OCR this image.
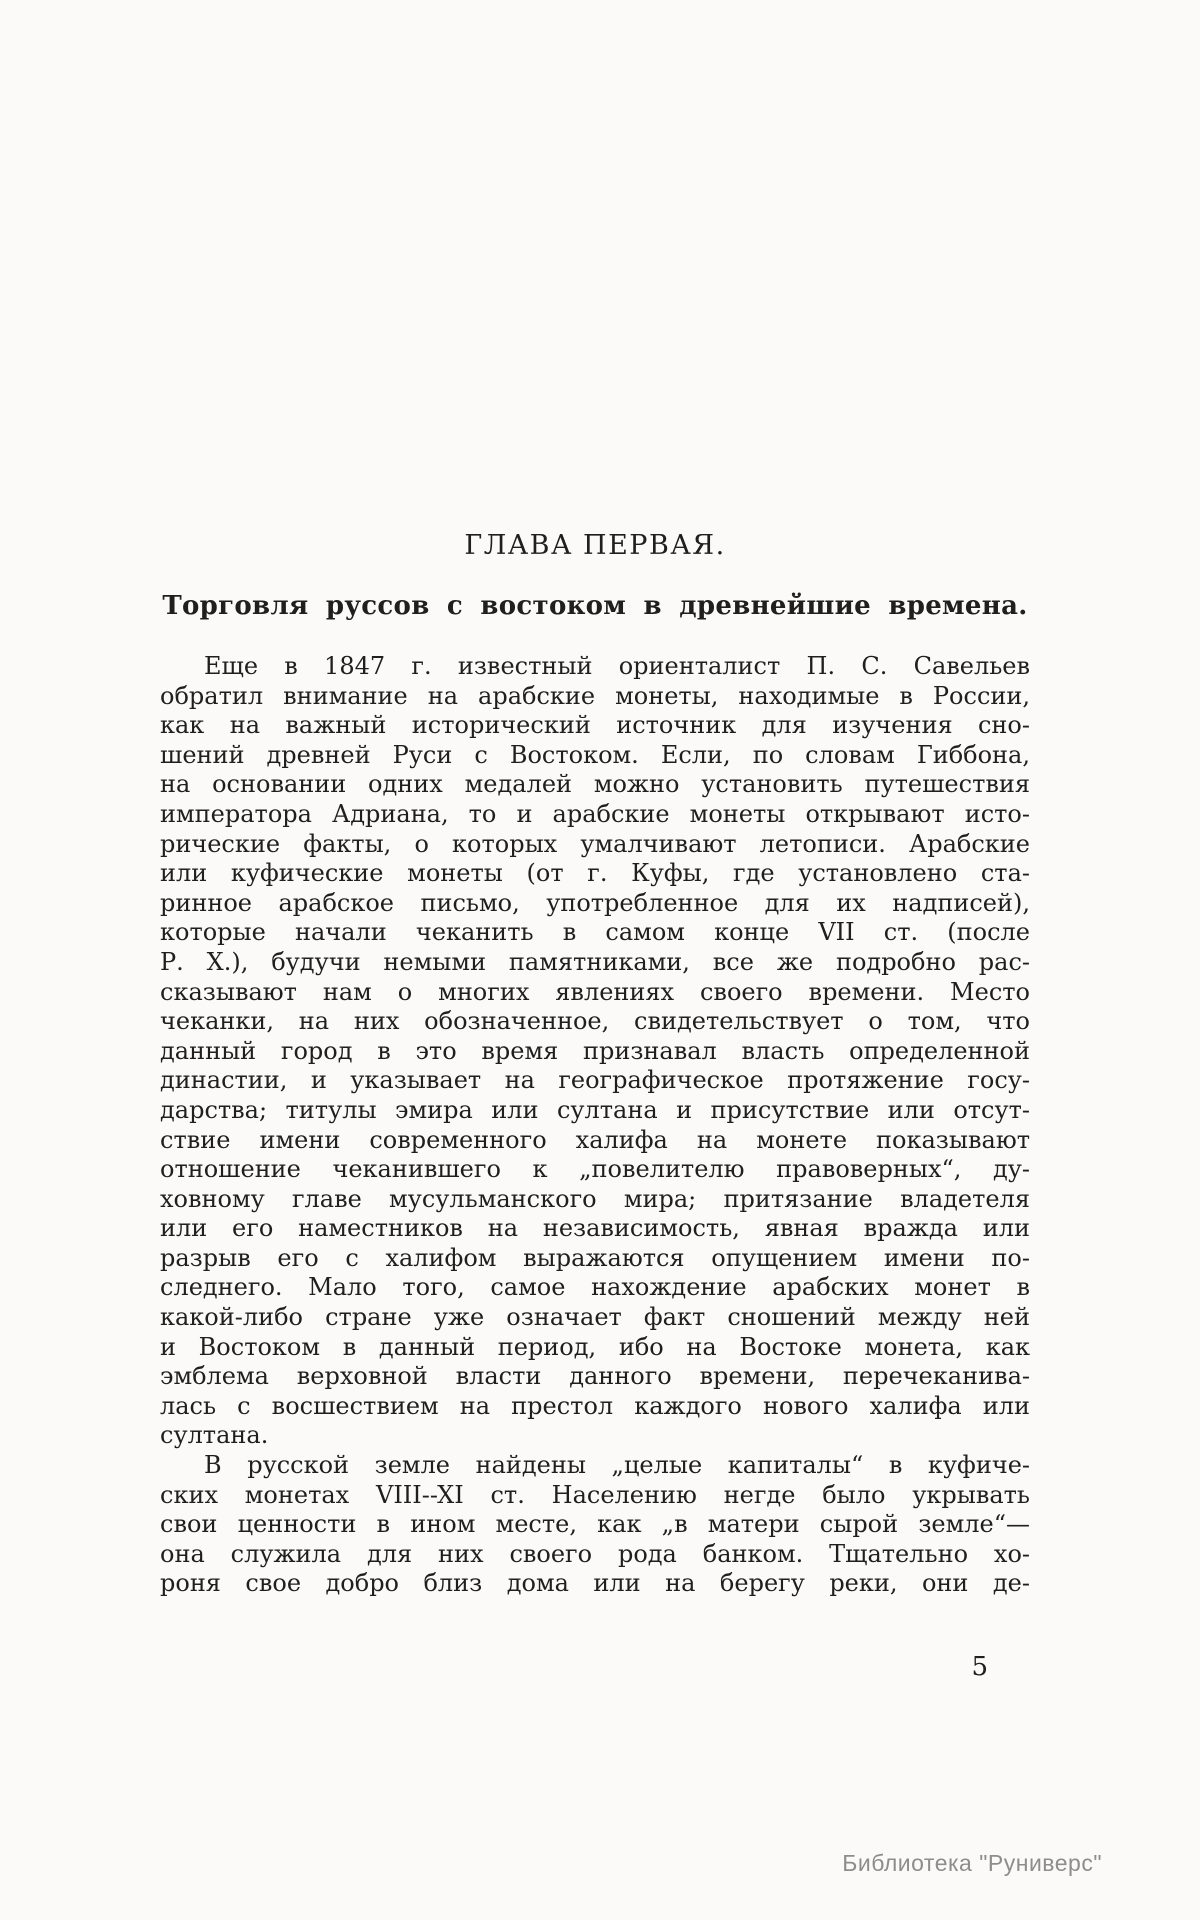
ГЛАВА ПЕРВАЯ.
Торговля руссов с востоком в древнейшие времена.
Еще в 1847 г. известный ориенталист П. С. Савельев
обратил внимание на арабские монеты, находимые в России,
как на важный исторический источник для изучения сно-
шений древней Руси с Востоком. Если, по словам Гиббона,
на основании одних медалей можно установить путешествия
императора Адриана, то и арабские монеты открывают исто-
рические факты, о которых умалчивают летописи. Арабские
или куфические монеты (от г. Куфы, где установлено ста-
ринное арабское письмо, употребленное для их надписей),
которые начали чеканить в самом конце VII ст. (после
Р. Х.), будучи немыми памятниками, все же подробно рас-
сказывают нам о многих явлениях своего времени. Место
чеканки, на них обозначенное, свидетельствует о том, что
данный город в это время признавал власть определенной
династии, и указывает на географическое протяжение госу-
дарства; титулы эмира или султана и присутствие или отсут-
ствие имени современного халифа на монете показывают
отношение чеканившего к „повелителю правоверных“, ду-
ховному главе мусульманского мира; притязание владетеля
или его наместников на независимость, явная вражда или
разрыв его с халифом выражаются опущением имени по-
следнего. Мало того, самое нахождение арабских монет в
какой-либо стране уже означает факт сношений между ней
и Востоком в данный период, ибо на Востоке монета, как
эмблема верховной власти данного времени, перечеканива-
лась с восшествием на престол каждого нового халифа или
султана.
В русской земле найдены „целые капиталы“ в куфиче-
ских монетах VIII--XI ст. Населению негде было укрывать
свои ценности в ином месте, как „в матери сырой земле“—
она служила для них своего рода банком. Тщательно хо-
роня свое добро близ дома или на берегу реки, они де-
5
Библиотека "Руниверс"
